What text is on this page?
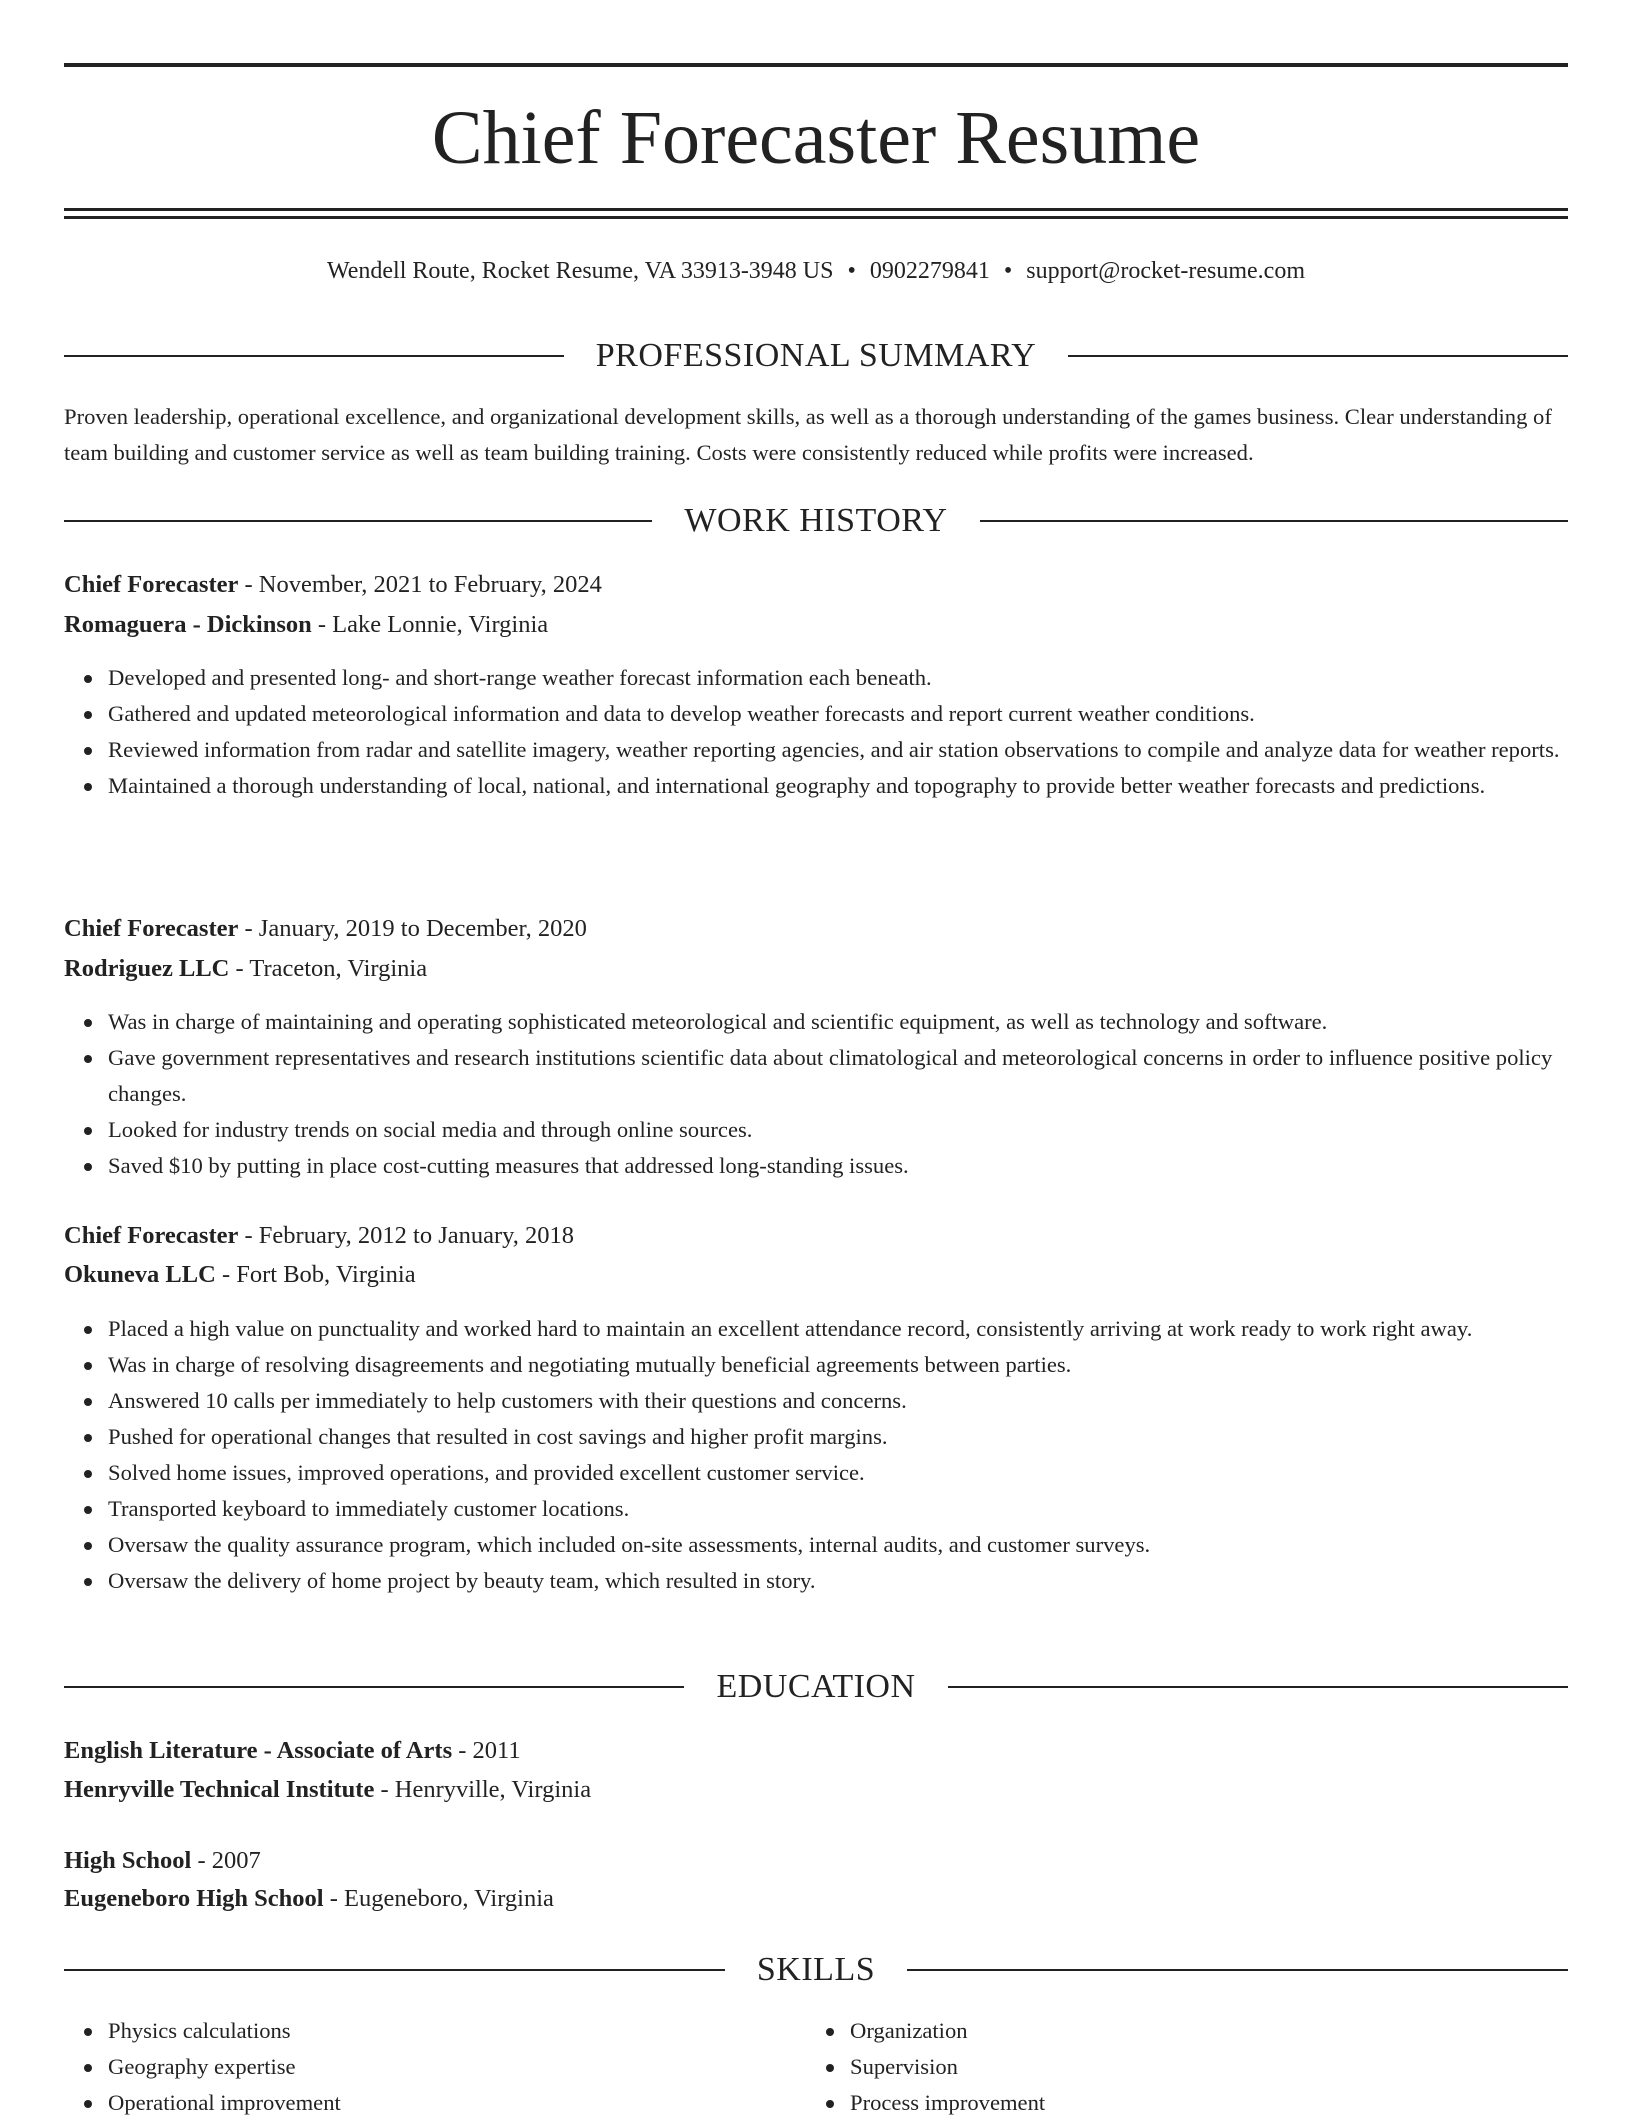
Chief Forecaster Resume
Wendell Route, Rocket Resume, VA 33913-3948 US • 0902279841 • support@rocket-resume.com
PROFESSIONAL SUMMARY

Proven leadership, operational excellence, and organizational development skills, as well as a thorough understanding of the games business. Clear understanding of team building and customer service as well as team building training. Costs were consistently reduced while profits were increased.

WORK HISTORY
Chief Forecaster - November, 2021 to February, 2024
Romaguera - Dickinson - Lake Lonnie, Virginia
Developed and presented long- and short-range weather forecast information each beneath.
Gathered and updated meteorological information and data to develop weather forecasts and report current weather conditions.
Reviewed information from radar and satellite imagery, weather reporting agencies, and air station observations to compile and analyze data for weather reports.
Maintained a thorough understanding of local, national, and international geography and topography to provide better weather forecasts and predictions.
Chief Forecaster - January, 2019 to December, 2020
Rodriguez LLC - Traceton, Virginia
Was in charge of maintaining and operating sophisticated meteorological and scientific equipment, as well as technology and software.
Gave government representatives and research institutions scientific data about climatological and meteorological concerns in order to influence positive policy changes.
Looked for industry trends on social media and through online sources.
Saved $10 by putting in place cost-cutting measures that addressed long-standing issues.
Chief Forecaster - February, 2012 to January, 2018
Okuneva LLC - Fort Bob, Virginia
Placed a high value on punctuality and worked hard to maintain an excellent attendance record, consistently arriving at work ready to work right away.
Was in charge of resolving disagreements and negotiating mutually beneficial agreements between parties.
Answered 10 calls per immediately to help customers with their questions and concerns.
Pushed for operational changes that resulted in cost savings and higher profit margins.
Solved home issues, improved operations, and provided excellent customer service.
Transported keyboard to immediately customer locations.
Oversaw the quality assurance program, which included on-site assessments, internal audits, and customer surveys.
Oversaw the delivery of home project by beauty team, which resulted in story.
EDUCATION
English Literature - Associate of Arts - 2011
Henryville Technical Institute - Henryville, Virginia
High School - 2007
Eugeneboro High School - Eugeneboro, Virginia
SKILLS
Physics calculations
Geography expertise
Operational improvement
Organization
Supervision
Process improvement
